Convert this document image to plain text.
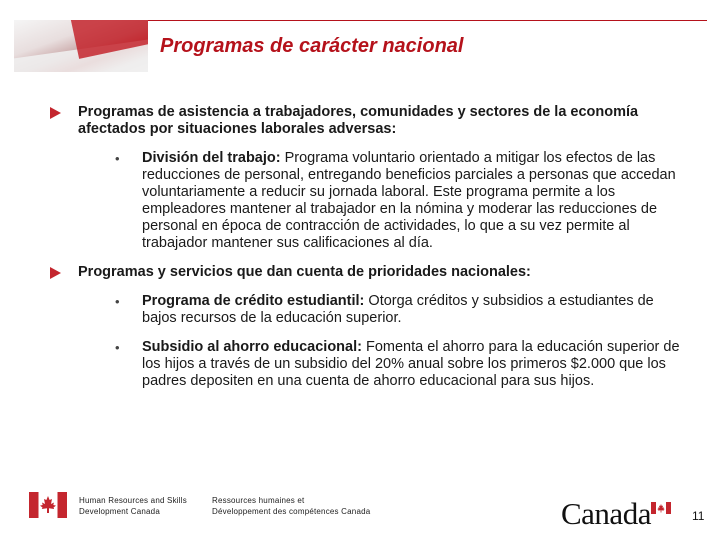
Programas de carácter nacional

Programas de asistencia a trabajadores, comunidades y sectores de la economía afectados por situaciones laborales adversas:

• División del trabajo: Programa voluntario orientado a mitigar los efectos de las reducciones de personal, entregando beneficios parciales a personas que accedan voluntariamente a reducir su jornada laboral. Este programa permite a los empleadores mantener al trabajador en la nómina y moderar las reducciones de personal en época de contracción de actividades, lo que a su vez permite al trabajador mantener sus calificaciones al día.

Programas y servicios que dan cuenta de prioridades nacionales:

• Programa de crédito estudiantil: Otorga créditos y subsidios a estudiantes de bajos recursos de la educación superior.
• Subsidio al ahorro educacional: Fomenta el ahorro para la educación superior de los hijos a través de un subsidio del 20% anual sobre los primeros $2.000 que los padres depositen en una cuenta de ahorro educacional para sus hijos.
Human Resources and Skills
Development Canada
Ressources humaines et
Développement des compétences Canada	Canada	11
